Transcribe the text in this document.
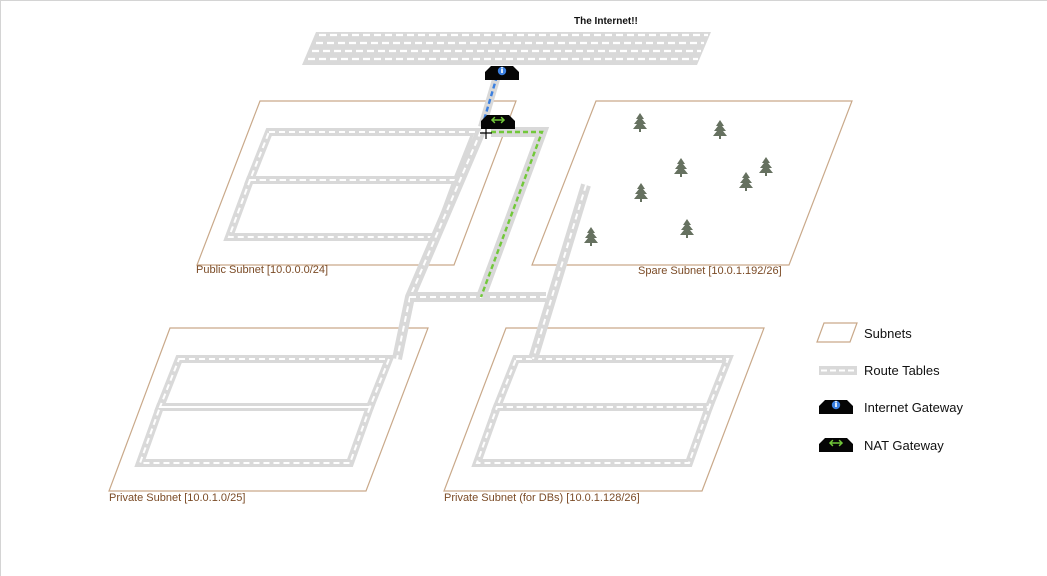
The Internet!!
Public Subnet [10.0.0.0/24]	Spare Subnet [10.0.1.192/26]
Private Subnet [10.0.1.0/25]	Private Subnet (for DBs) [10.0.1.128/26]
Subnets
Route Tables
Internet Gateway
NAT Gateway
